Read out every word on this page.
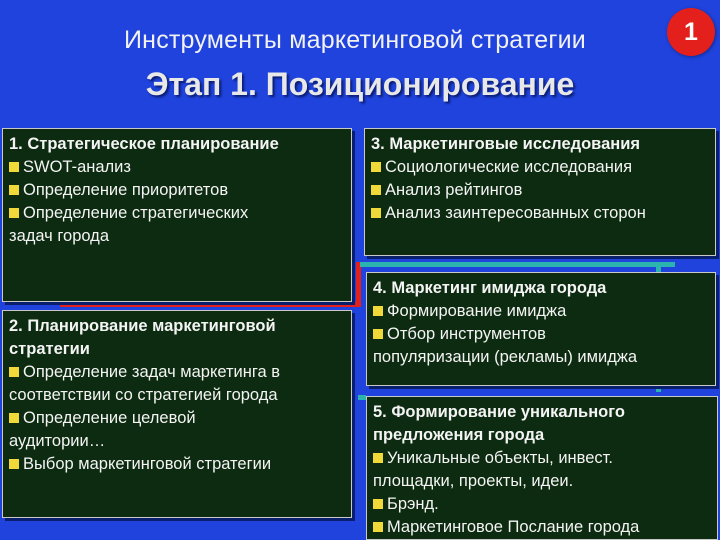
Инструменты маркетинговой стратегии
Этап 1. Позиционирование
1
1. Стратегическое планирование
SWOT-анализ
Определение приоритетов
Определение стратегических
задач города
2. Планирование маркетинговой
стратегии
Определение задач маркетинга в
соответствии со стратегией города
Определение целевой
аудитории…
Выбор маркетинговой стратегии
3. Маркетинговые исследования
Социологические исследования
Анализ рейтингов
Анализ заинтересованных сторон
4. Маркетинг имиджа города
Формирование имиджа
Отбор инструментов
популяризации (рекламы) имиджа
5. Формирование уникального
предложения города
Уникальные объекты, инвест.
площадки, проекты, идеи.
Брэнд.
Маркетинговое Послание города
